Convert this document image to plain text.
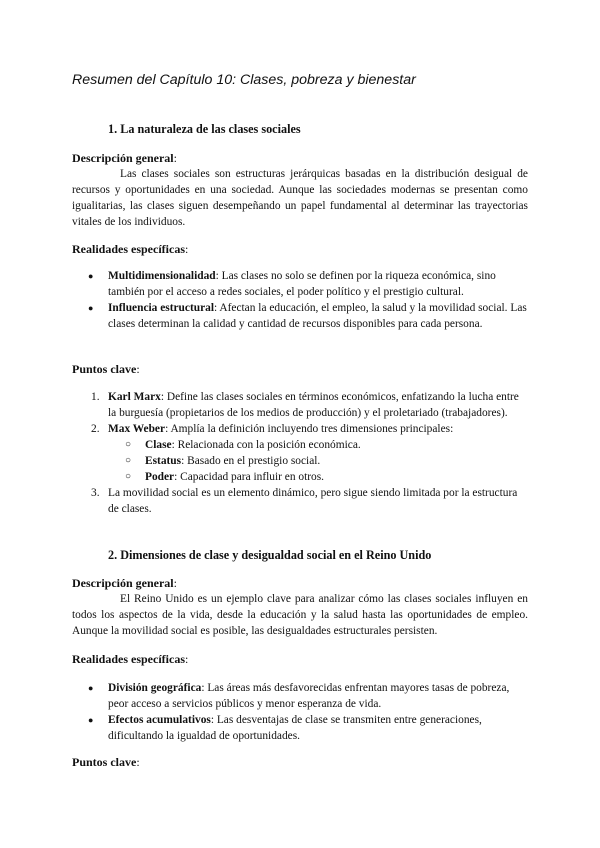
Resumen del Capítulo 10: Clases, pobreza y bienestar
1. La naturaleza de las clases sociales
Descripción general:

Las clases sociales son estructuras jerárquicas basadas en la distribución desigual de recursos y oportunidades en una sociedad. Aunque las sociedades modernas se presentan como igualitarias, las clases siguen desempeñando un papel fundamental al determinar las trayectorias vitales de los individuos.

Realidades específicas:
● Multidimensionalidad: Las clases no solo se definen por la riqueza económica, sino también por el acceso a redes sociales, el poder político y el prestigio cultural.
● Influencia estructural: Afectan la educación, el empleo, la salud y la movilidad social. Las clases determinan la calidad y cantidad de recursos disponibles para cada persona.
Puntos clave:
1. Karl Marx: Define las clases sociales en términos económicos, enfatizando la lucha entre la burguesía (propietarios de los medios de producción) y el proletariado (trabajadores).
2. Max Weber: Amplía la definición incluyendo tres dimensiones principales:
○ Clase: Relacionada con la posición económica.
○ Estatus: Basado en el prestigio social.
○ Poder: Capacidad para influir en otros.
3. La movilidad social es un elemento dinámico, pero sigue siendo limitada por la estructura de clases.
2. Dimensiones de clase y desigualdad social en el Reino Unido
Descripción general:

El Reino Unido es un ejemplo clave para analizar cómo las clases sociales influyen en todos los aspectos de la vida, desde la educación y la salud hasta las oportunidades de empleo. Aunque la movilidad social es posible, las desigualdades estructurales persisten.

Realidades específicas:
● División geográfica: Las áreas más desfavorecidas enfrentan mayores tasas de pobreza, peor acceso a servicios públicos y menor esperanza de vida.
● Efectos acumulativos: Las desventajas de clase se transmiten entre generaciones, dificultando la igualdad de oportunidades.
Puntos clave:
